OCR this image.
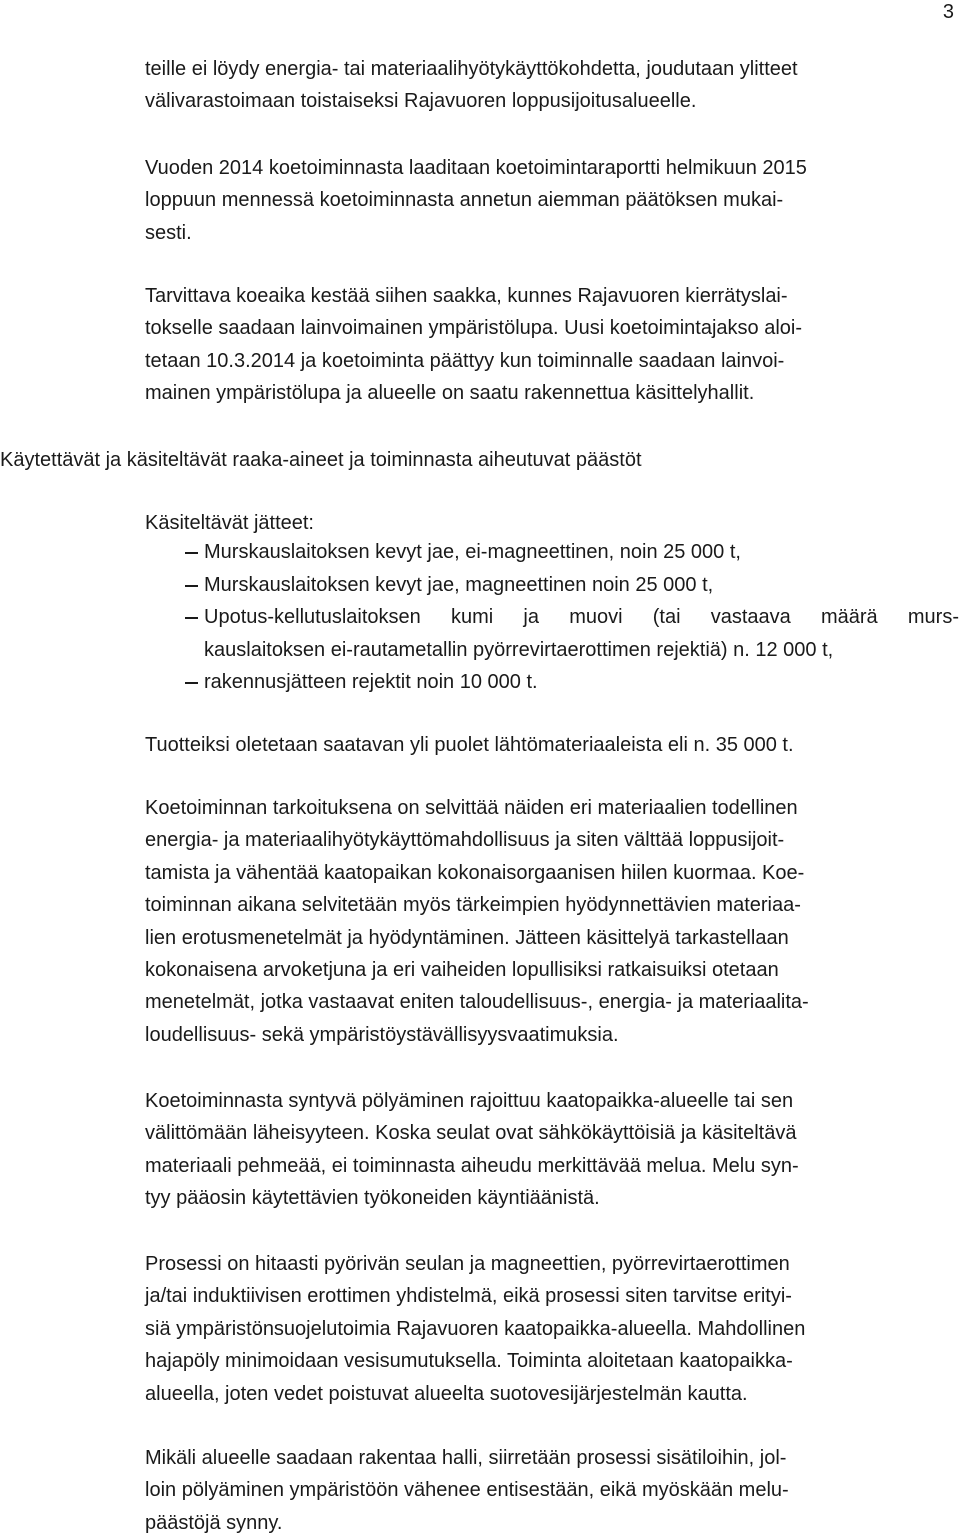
3

teille ei löydy energia- tai materiaalihyötykäyttökohdetta, joudutaan ylitteet
välivarastoimaan toistaiseksi Rajavuoren loppusijoitusalueelle.

Vuoden 2014 koetoiminnasta laaditaan koetoimintaraportti helmikuun 2015
loppuun mennessä koetoiminnasta annetun aiemman päätöksen mukai-
sesti.

Tarvittava koeaika kestää siihen saakka, kunnes Rajavuoren kierrätyslai-
tokselle saadaan lainvoimainen ympäristölupa. Uusi koetoimintajakso aloi-
tetaan 10.3.2014 ja koetoiminta päättyy kun toiminnalle saadaan lainvoi-
mainen ympäristölupa ja alueelle on saatu rakennettua käsittelyhallit.

Käytettävät ja käsiteltävät raaka-aineet ja toiminnasta aiheutuvat päästöt
Käsiteltävät jätteet:
Murskauslaitoksen kevyt jae, ei-magneettinen, noin 25 000 t,
Murskauslaitoksen kevyt jae, magneettinen noin 25 000 t,
Upotus-kellutuslaitoksen kumi ja muovi (tai vastaava määrä murs-
kauslaitoksen ei-rautametallin pyörrevirtaerottimen rejektiä) n. 12 000 t,
rakennusjätteen rejektit noin 10 000 t.

Tuotteiksi oletetaan saatavan yli puolet lähtömateriaaleista eli n. 35 000 t.

Koetoiminnan tarkoituksena on selvittää näiden eri materiaalien todellinen
energia- ja materiaalihyötykäyttömahdollisuus ja siten välttää loppusijoit-
tamista ja vähentää kaatopaikan kokonaisorgaanisen hiilen kuormaa. Koe-
toiminnan aikana selvitetään myös tärkeimpien hyödynnettävien materiaa-
lien erotusmenetelmät ja hyödyntäminen. Jätteen käsittelyä tarkastellaan
kokonaisena arvoketjuna ja eri vaiheiden lopullisiksi ratkaisuiksi otetaan
menetelmät, jotka vastaavat eniten taloudellisuus-, energia- ja materiaalita-
loudellisuus- sekä ympäristöystävällisyysvaatimuksia.

Koetoiminnasta syntyvä pölyäminen rajoittuu kaatopaikka-alueelle tai sen
välittömään läheisyyteen. Koska seulat ovat sähkökäyttöisiä ja käsiteltävä
materiaali pehmeää, ei toiminnasta aiheudu merkittävää melua. Melu syn-
tyy pääosin käytettävien työkoneiden käyntiäänistä.

Prosessi on hitaasti pyörivän seulan ja magneettien, pyörrevirtaerottimen
ja/tai induktiivisen erottimen yhdistelmä, eikä prosessi siten tarvitse erityi-
siä ympäristönsuojelutoimia Rajavuoren kaatopaikka-alueella. Mahdollinen
hajapöly minimoidaan vesisumutuksella. Toiminta aloitetaan kaatopaikka-
alueella, joten vedet poistuvat alueelta suotovesijärjestelmän kautta.

Mikäli alueelle saadaan rakentaa halli, siirretään prosessi sisätiloihin, jol-
loin pölyäminen ympäristöön vähenee entisestään, eikä myöskään melu-
päästöjä synny.
